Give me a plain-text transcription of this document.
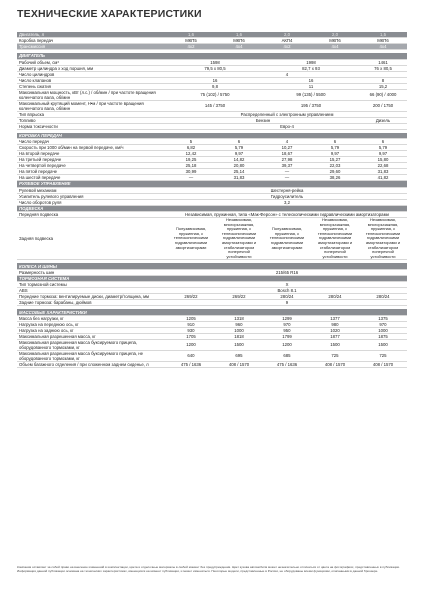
ТЕХНИЧЕСКИЕ ХАРАКТЕРИСТИКИ
Двигатель, л	1,6	1,6	2,0	2,0	1,5
Коробка передач	МКП5	МКП6	АКП4	МКП6	МКП6
Трансмиссия	4х2	4х4	4х2	4х4	4х4

ДВИГАТЕЛЬ					
Рабочий объем, см³	1598		1998		1461
Диаметр цилиндра х ход поршня, мм	79,5 х 80,5		82,7 х 93		76 х 80,5
Число цилиндров	4				
Число клапанов	16		16		8
Степень сжатия	9,8		11		15,2
Максимальная мощность, кВт (л.с.) / об/мин / при частоте вращения коленчатого вала, об/мин	75 (102) / 5750		99 (135) / 5500		66 (90) / 4000
Максимальный крутящий момент, Н•м / при частоте вращения коленчатого вала, об/мин	145 / 3750		195 / 3750		200 / 1750
Тип впрыска	Распределенный с электронным управлением				
Топливо	Бензин				Дизель
Норма токсичности	Евро-4				

КОРОБКА ПЕРЕДАЧ					
Число передач	5	6	4	6	6
Скорость при 1000 об/мин на первой передаче, км/ч	6,82	5,79	10,27	5,79	5,79
На второй передаче	12,42	9,97	18,67	9,97	9,97
На третьей передаче	19,25	14,82	27,98	15,27	15,80
На четвертой передаче	25,18	20,80	39,37	22,03	22,68
На пятой передаче	30,99	25,14	—	29,60	31,83
На шестой передаче	—	31,83	—	38,26	41,82
РУЛЕВОЕ УПРАВЛЕНИЕ					
Рулевой механизм	Шестерня-рейка				
Усилитель рулевого управления	Гидроусилитель				
Число оборотов руля	3,2				
ПОДВЕСКА					
Передняя подвеска	Независимая, пружинная, типа «Мак-Ферсон» с телескопическими гидравлическими амортизаторами				
Задняя подвеска	Полузависимая, пружинная, с телескопическими гидравлическими амортизаторами	Независимая, многорычажная, пружинная, с телескопическими гидравлическими амортизаторами и стабилизатором поперечной устойчивости	Полузависимая, пружинная, с телескопическими гидравлическими амортизаторами	Независимая, многорычажная, пружинная, с телескопическими гидравлическими амортизаторами и стабилизатором поперечной устойчивости	Независимая, многорычажная, пружинная, с телескопическими гидравлическими амортизаторами и стабилизатором поперечной устойчивости

КОЛЕСА И ШИНЫ					
Размерность шин	215/65 R16				
ТОРМОЗНАЯ СИСТЕМА					
Тип тормозной системы	Х				
ABS	Bosch 8.1				
Передние тормоза: вентилируемые диски, диаметр/толщина, мм	269/22	269/22	280/24	280/24	280/24
Задние тормоза: барабаны, дюймов	9				

МАССОВЫЕ ХАРАКТЕРИСТИКИ					
Масса без нагрузки, кг	1205	1318	1299	1377	1375
Нагрузка на переднюю ось, кг	910	960	970	980	970
Нагрузка на заднюю ось, кг	930	1000	950	1020	1000
Максимальная разрешенная масса, кг	1705	1818	1799	1877	1875
Максимальная разрешенная масса буксируемого прицепа, оборудованного тормозами, кг	1200	1500	1200	1500	1500
Максимальная разрешенная масса буксируемого прицепа, не оборудованного тормозами, кг	640	695	685	725	725
Объем багажного отделения / при сложенном заднем сиденье, л	475 / 1636	408 / 1570	475 / 1636	408 / 1570	408 / 1570
Компания оставляет за собой право на внесение изменений в комплектации, цвета и отделочные материалы в любой момент без предупреждения. Цвет кузова автомобиля может незначительно отличаться от цвета на фотографиях, представленных в публикации. Информация данной публикации основана на технических характеристиках, имеющихся на момент публикации, и может изменяться. Некоторые модели, представленные в России, не оборудованы всеми функциями, описанными в данной брошюре.
